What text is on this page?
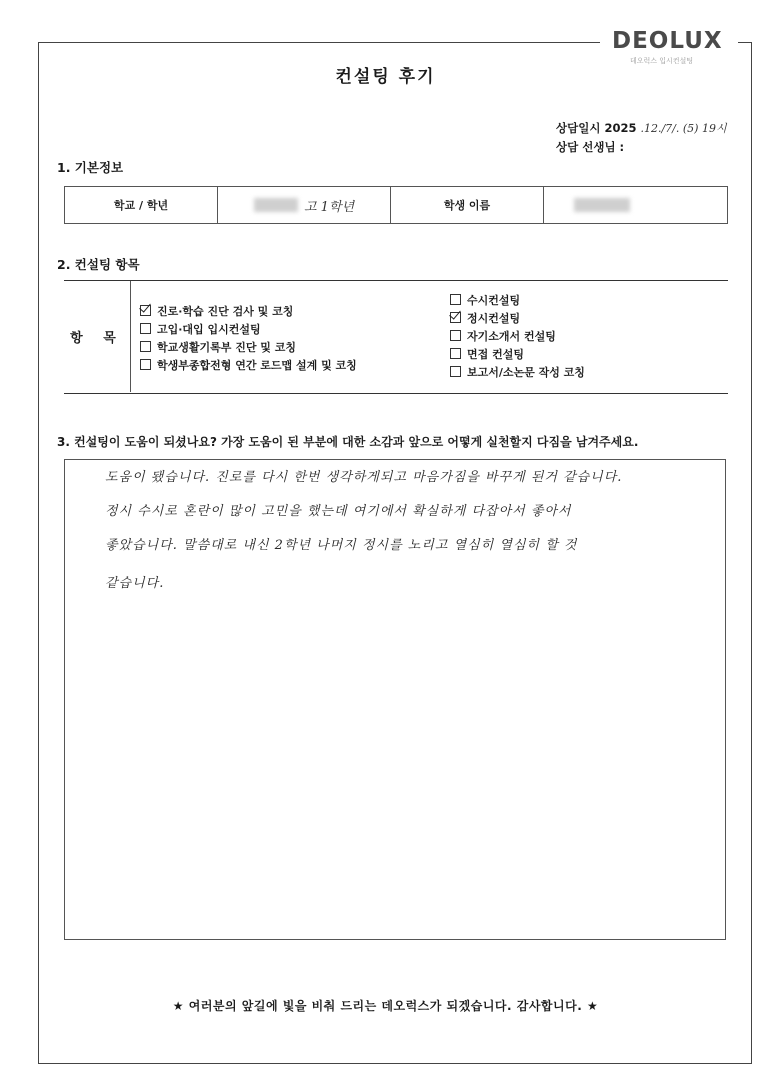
DEOLUX
데오럭스 입시컨설팅
컨설팅 후기
상담일시 2025 .12./7/. (5) 19시
상담 선생님 :
1. 기본정보
학교 / 학년	고 1학년	학생 이름	
2. 컨설팅 항목
항 목
진로·학습 진단 검사 및 코칭
고입·대입 입시컨설팅
학교생활기록부 진단 및 코칭
학생부종합전형 연간 로드맵 설계 및 코칭
수시컨설팅
정시컨설팅
자기소개서 컨설팅
면접 컨설팅
보고서/소논문 작성 코칭
3. 컨설팅이 도움이 되셨나요? 가장 도움이 된 부분에 대한 소감과 앞으로 어떻게 실천할지 다짐을 남겨주세요.
도움이 됐습니다. 진로를 다시 한번 생각하게되고 마음가짐을 바꾸게 된거 같습니다.
정시 수시로 혼란이 많이 고민을 했는데 여기에서 확실하게 다잡아서 좋아서
좋았습니다. 말씀대로 내신 2학년 나머지 정시를 노리고 열심히 열심히 할 것
같습니다.
★ 여러분의 앞길에 빛을 비춰 드리는 데오럭스가 되겠습니다. 감사합니다. ★
